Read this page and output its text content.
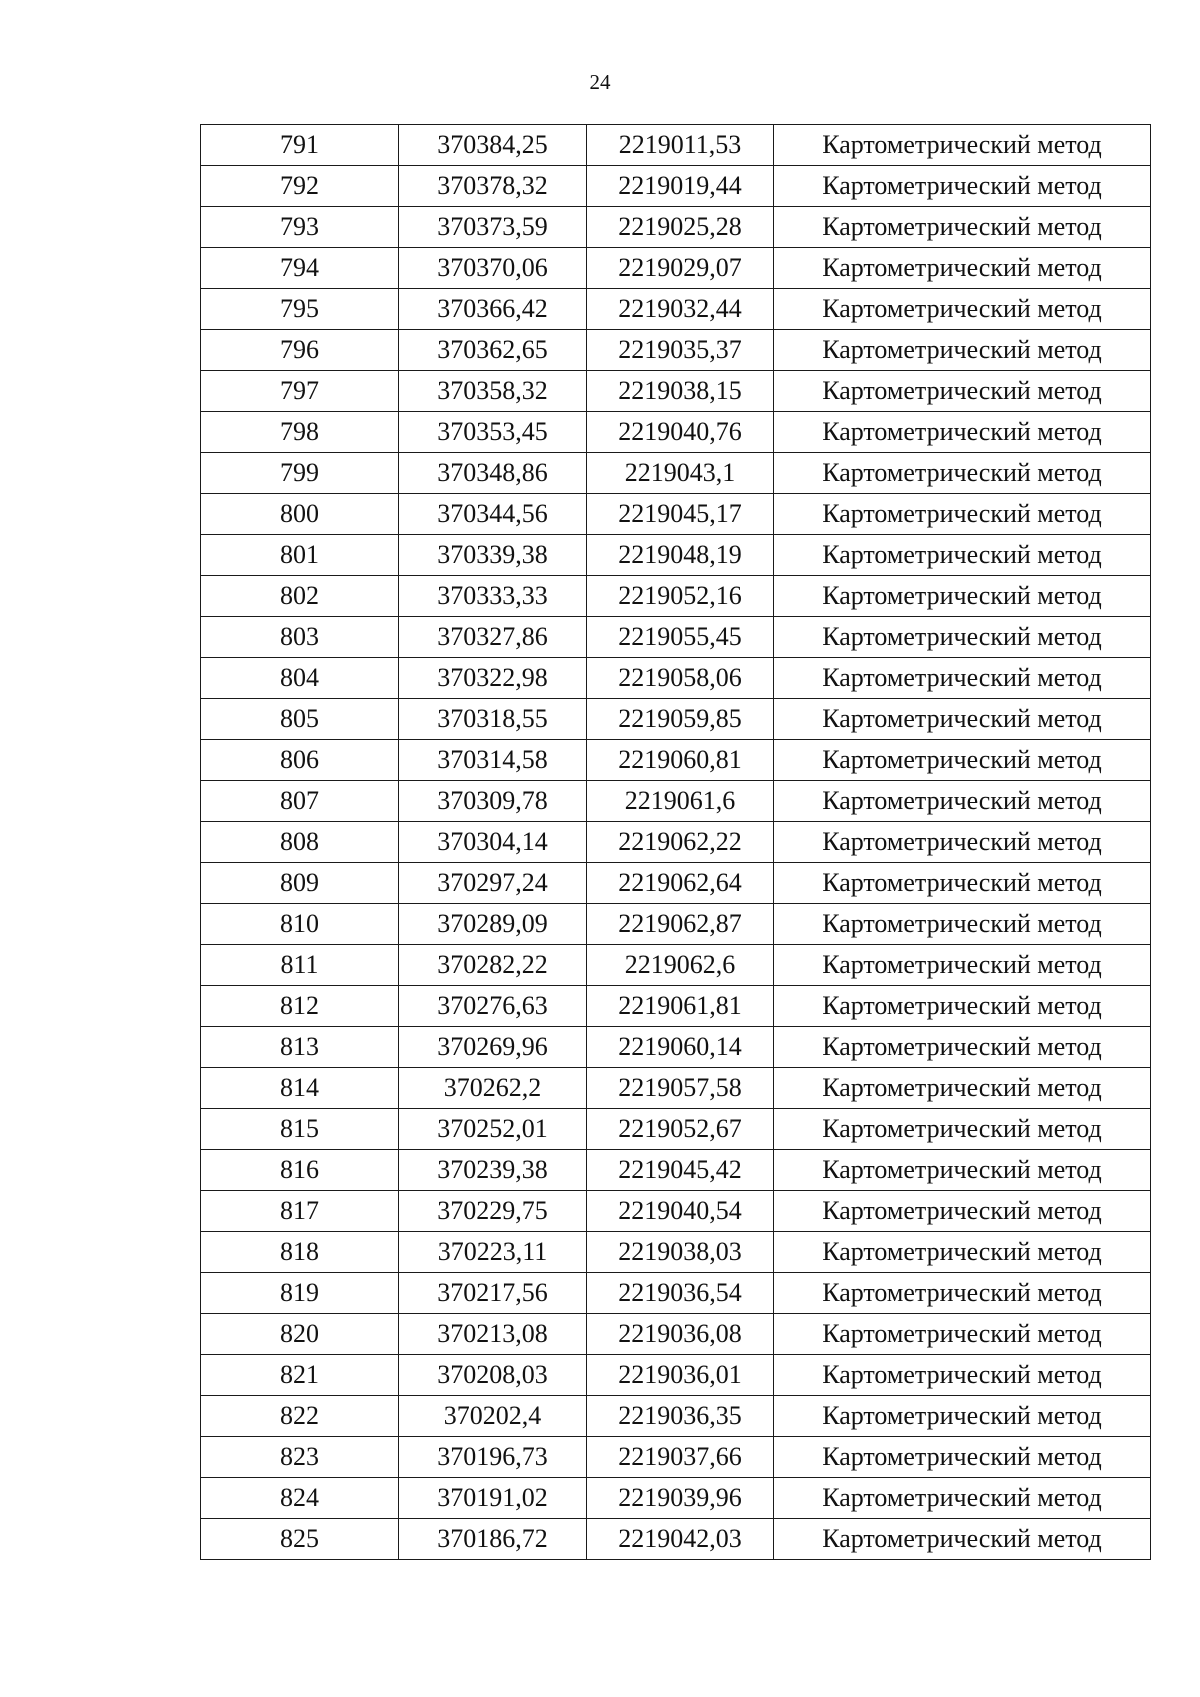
24
791	370384,25	2219011,53	Картометрический метод
792	370378,32	2219019,44	Картометрический метод
793	370373,59	2219025,28	Картометрический метод
794	370370,06	2219029,07	Картометрический метод
795	370366,42	2219032,44	Картометрический метод
796	370362,65	2219035,37	Картометрический метод
797	370358,32	2219038,15	Картометрический метод
798	370353,45	2219040,76	Картометрический метод
799	370348,86	2219043,1	Картометрический метод
800	370344,56	2219045,17	Картометрический метод
801	370339,38	2219048,19	Картометрический метод
802	370333,33	2219052,16	Картометрический метод
803	370327,86	2219055,45	Картометрический метод
804	370322,98	2219058,06	Картометрический метод
805	370318,55	2219059,85	Картометрический метод
806	370314,58	2219060,81	Картометрический метод
807	370309,78	2219061,6	Картометрический метод
808	370304,14	2219062,22	Картометрический метод
809	370297,24	2219062,64	Картометрический метод
810	370289,09	2219062,87	Картометрический метод
811	370282,22	2219062,6	Картометрический метод
812	370276,63	2219061,81	Картометрический метод
813	370269,96	2219060,14	Картометрический метод
814	370262,2	2219057,58	Картометрический метод
815	370252,01	2219052,67	Картометрический метод
816	370239,38	2219045,42	Картометрический метод
817	370229,75	2219040,54	Картометрический метод
818	370223,11	2219038,03	Картометрический метод
819	370217,56	2219036,54	Картометрический метод
820	370213,08	2219036,08	Картометрический метод
821	370208,03	2219036,01	Картометрический метод
822	370202,4	2219036,35	Картометрический метод
823	370196,73	2219037,66	Картометрический метод
824	370191,02	2219039,96	Картометрический метод
825	370186,72	2219042,03	Картометрический метод
